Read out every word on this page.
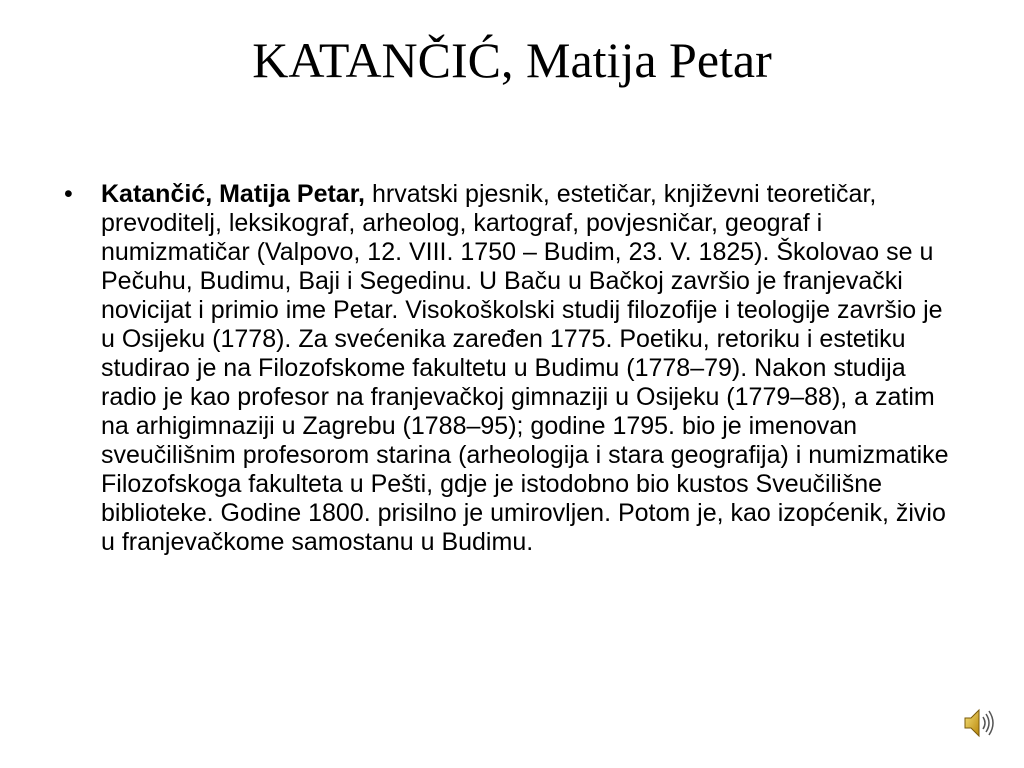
KATANČIĆ, Matija Petar
• Katančić, Matija Petar, hrvatski pjesnik, estetičar, književni teoretičar, prevoditelj, leksikograf, arheolog, kartograf, povjesničar, geograf i numizmatičar (Valpovo, 12. VIII. 1750 – Budim, 23. V. 1825). Školovao se u Pečuhu, Budimu, Baji i Segedinu. U Baču u Bačkoj završio je franjevački novicijat i primio ime Petar. Visokoškolski studij filozofije i teologije završio je u Osijeku (1778). Za svećenika zaređen 1775. Poetiku, retoriku i estetiku studirao je na Filozofskome fakultetu u Budimu (1778–79). Nakon studija radio je kao profesor na franjevačkoj gimnaziji u Osijeku (1779–88), a zatim na arhigimnaziji u Zagrebu (1788–95); godine 1795. bio je imenovan sveučilišnim profesorom starina (arheologija i stara geografija) i numizmatike Filozofskoga fakulteta u Pešti, gdje je istodobno bio kustos Sveučilišne biblioteke. Godine 1800. prisilno je umirovljen. Potom je, kao izopćenik, živio u franjevačkome samostanu u Budimu.
